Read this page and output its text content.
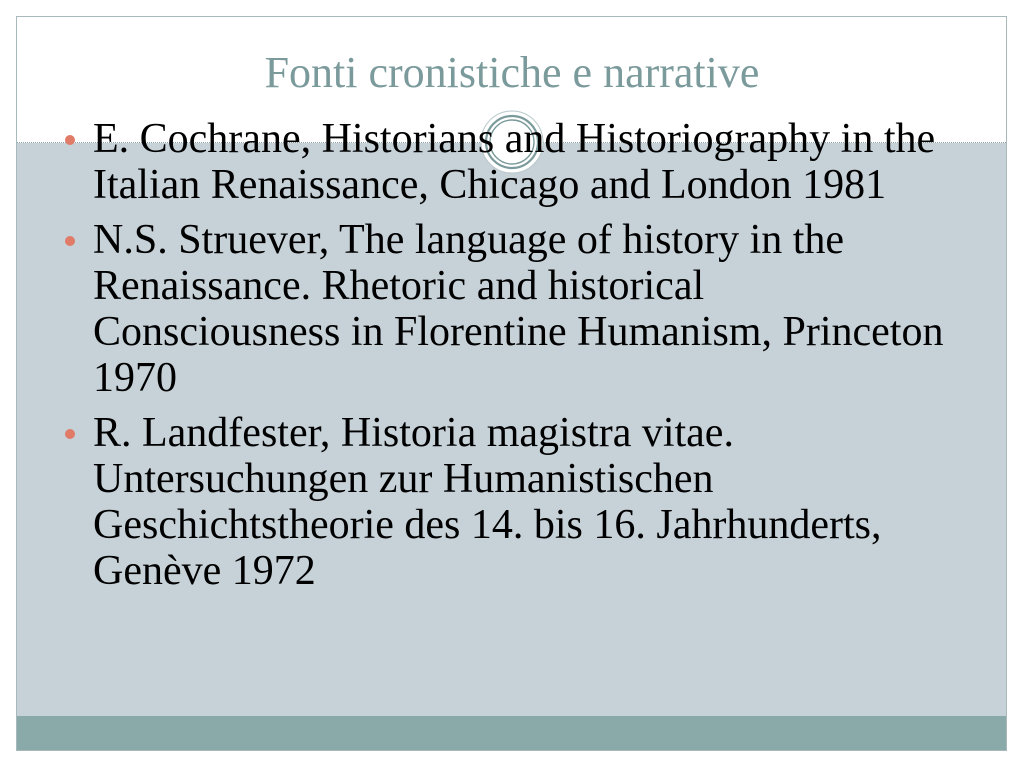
Fonti cronistiche e narrative
E. Cochrane, Historians and Historiography in the
Italian Renaissance, Chicago and London 1981
N.S. Struever, The language of history in the
Renaissance. Rhetoric and historical
Consciousness in Florentine Humanism, Princeton
1970
R. Landfester, Historia magistra vitae.
Untersuchungen zur Humanistischen
Geschichtstheorie des 14. bis 16. Jahrhunderts,
Genève 1972
